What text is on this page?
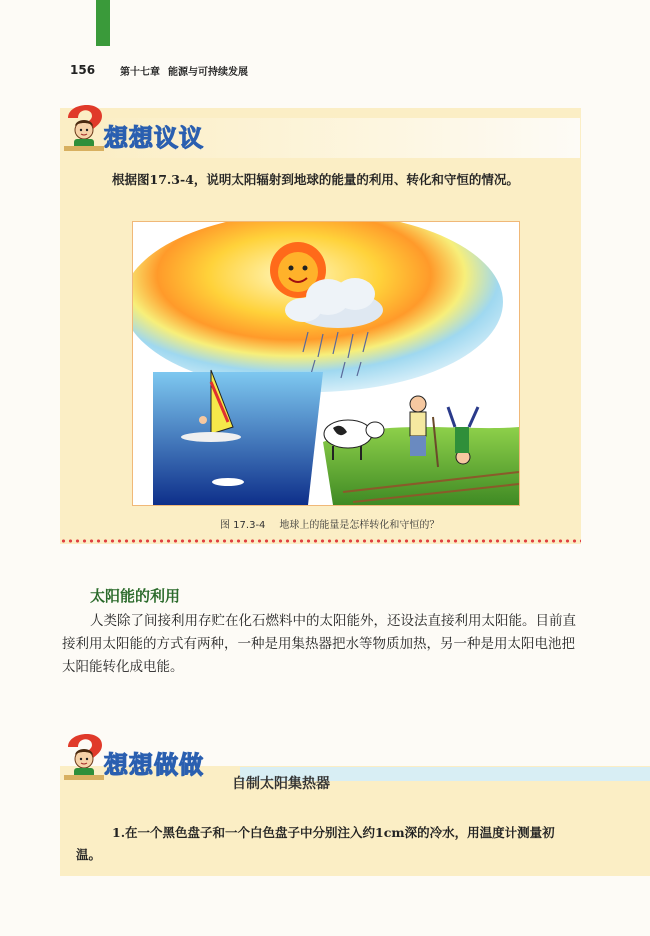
156	第十七章 能源与可持续发展
想想议议
根据图17.3-4，说明太阳辐射到地球的能量的利用、转化和守恒的情况。
图 17.3-4 地球上的能量是怎样转化和守恒的？
太阳能的利用
人类除了间接利用存贮在化石燃料中的太阳能外，还设法直接利用太阳能。目前直接利用太阳能的方式有两种，一种是用集热器把水等物质加热，另一种是用太阳电池把太阳能转化成电能。
想想做做
自制太阳集热器
1.在一个黑色盘子和一个白色盘子中分别注入约1cm深的冷水，用温度计测量初温。
